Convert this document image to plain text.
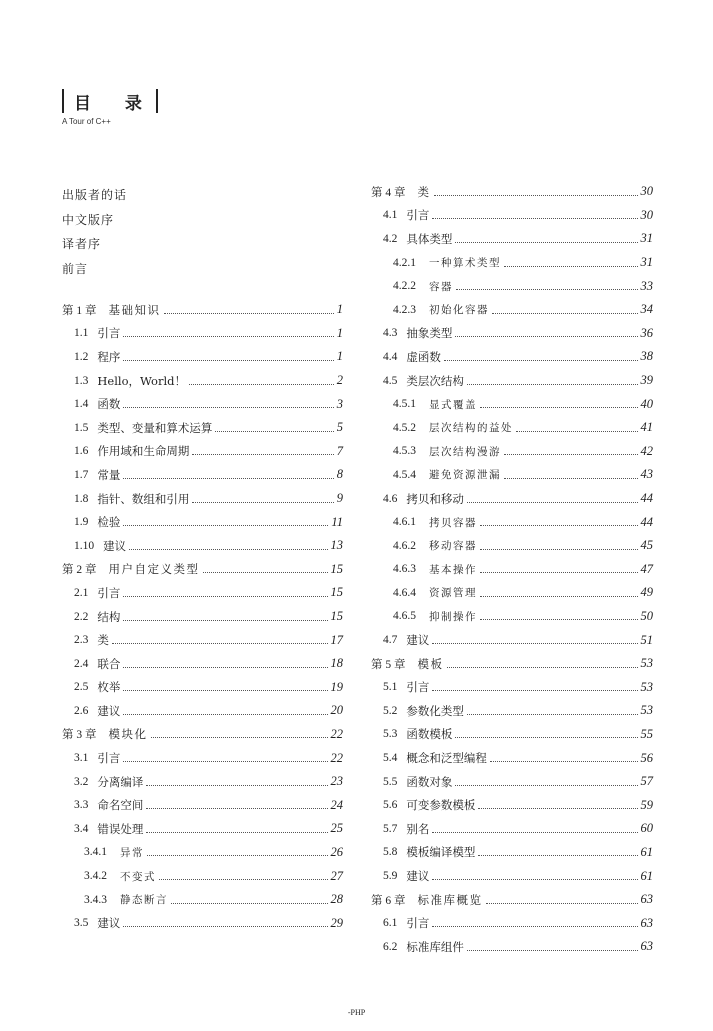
目 录
A Tour of C++
出版者的话
中文版序
译者序
前言
第 1 章	基础知识	1
1.1 引言	1
1.2 程序	1
1.3 Hello，World！	2
1.4 函数	3
1.5 类型、变量和算术运算	5
1.6 作用域和生命周期	7
1.7 常量	8
1.8 指针、数组和引用	9
1.9 检验	11
1.10 建议	13
第 2 章	用户自定义类型	15
2.1 引言	15
2.2 结构	15
2.3 类	17
2.4 联合	18
2.5 枚举	19
2.6 建议	20
第 3 章	模块化	22
3.1 引言	22
3.2 分离编译	23
3.3 命名空间	24
3.4 错误处理	25
3.4.1	异常	26
3.4.2	不变式	27
3.4.3	静态断言	28
3.5 建议	29
第 4 章	类	30
4.1 引言	30
4.2 具体类型	31
4.2.1	一种算术类型	31
4.2.2	容器	33
4.2.3	初始化容器	34
4.3 抽象类型	36
4.4 虚函数	38
4.5 类层次结构	39
4.5.1	显式覆盖	40
4.5.2	层次结构的益处	41
4.5.3	层次结构漫游	42
4.5.4	避免资源泄漏	43
4.6 拷贝和移动	44
4.6.1	拷贝容器	44
4.6.2	移动容器	45
4.6.3	基本操作	47
4.6.4	资源管理	49
4.6.5	抑制操作	50
4.7 建议	51
第 5 章	模板	53
5.1 引言	53
5.2 参数化类型	53
5.3 函数模板	55
5.4 概念和泛型编程	56
5.5 函数对象	57
5.6 可变参数模板	59
5.7 别名	60
5.8 模板编译模型	61
5.9 建议	61
第 6 章	标准库概览	63
6.1 引言	63
6.2 标准库组件	63
-PHP
